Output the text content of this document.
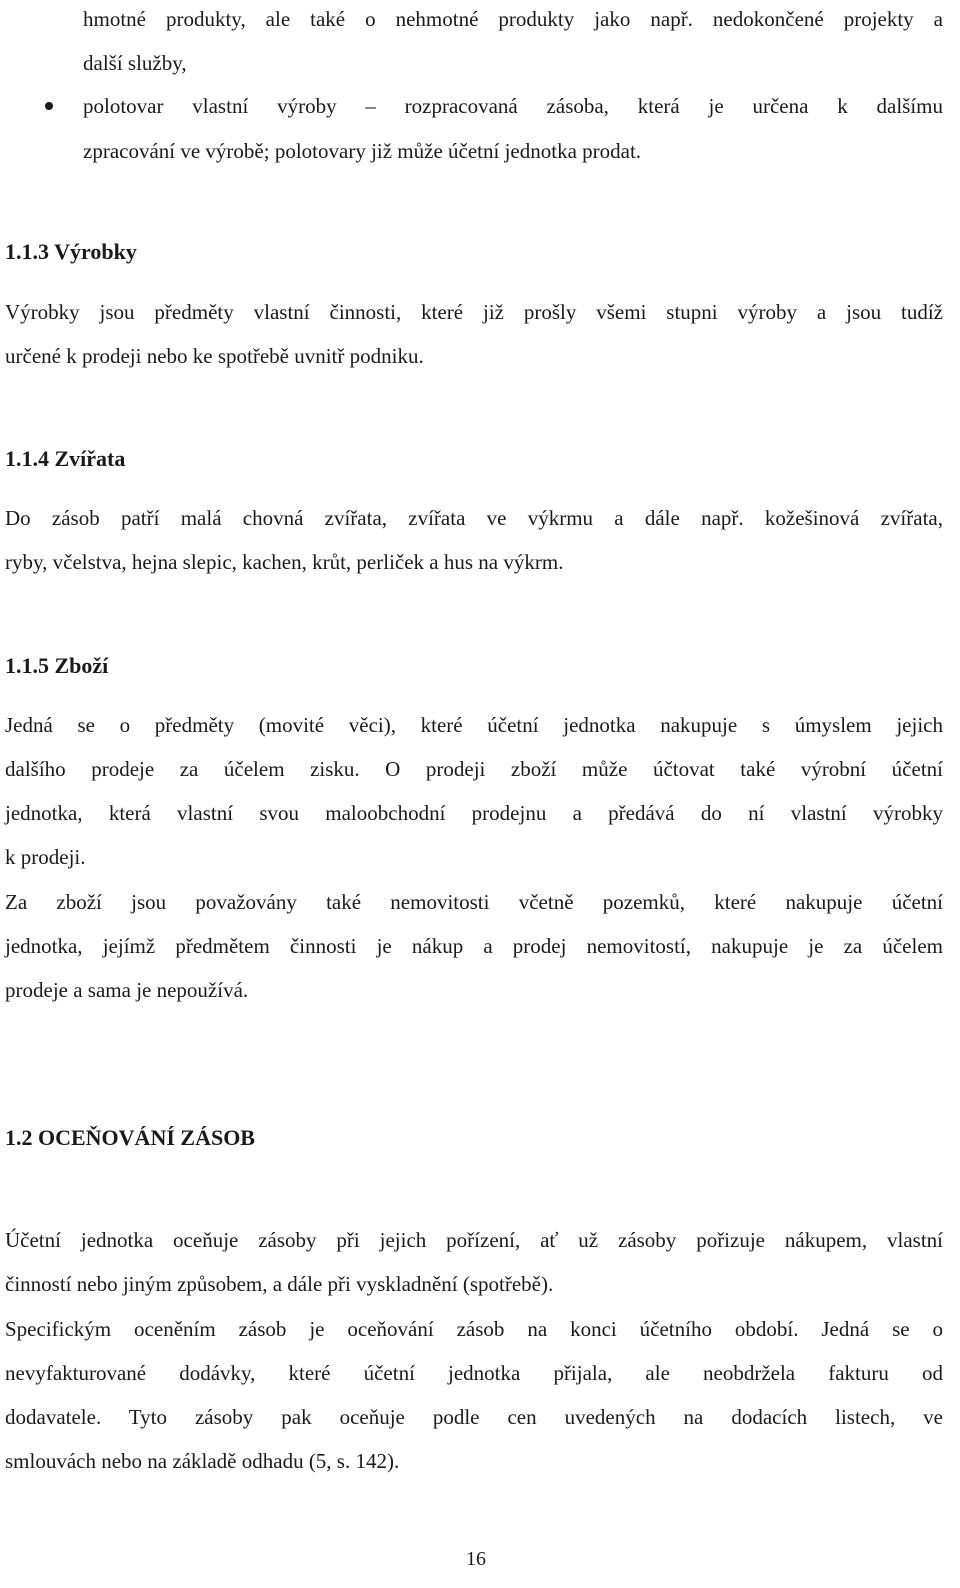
hmotné produkty, ale také o nehmotné produkty jako např. nedokončené projekty a
další služby,
polotovar vlastní výroby – rozpracovaná zásoba, která je určena k dalšímu
zpracování ve výrobě; polotovary již může účetní jednotka prodat.
1.1.3 Výrobky
Výrobky jsou předměty vlastní činnosti, které již prošly všemi stupni výroby a jsou tudíž
určené k prodeji nebo ke spotřebě uvnitř podniku.
1.1.4 Zvířata
Do zásob patří malá chovná zvířata, zvířata ve výkrmu a dále např. kožešinová zvířata,
ryby, včelstva, hejna slepic, kachen, krůt, perliček a hus na výkrm.
1.1.5 Zboží
Jedná se o předměty (movité věci), které účetní jednotka nakupuje s úmyslem jejich
dalšího prodeje za účelem zisku. O prodeji zboží může účtovat také výrobní účetní
jednotka, která vlastní svou maloobchodní prodejnu a předává do ní vlastní výrobky
k prodeji.
Za zboží jsou považovány také nemovitosti včetně pozemků, které nakupuje účetní
jednotka, jejímž předmětem činnosti je nákup a prodej nemovitostí, nakupuje je za účelem
prodeje a sama je nepoužívá.
1.2 OCEŇOVÁNÍ ZÁSOB
Účetní jednotka oceňuje zásoby při jejich pořízení, ať už zásoby pořizuje nákupem, vlastní
činností nebo jiným způsobem, a dále při vyskladnění (spotřebě).
Specifickým oceněním zásob je oceňování zásob na konci účetního období. Jedná se o
nevyfakturované dodávky, které účetní jednotka přijala, ale neobdržela fakturu od
dodavatele. Tyto zásoby pak oceňuje podle cen uvedených na dodacích listech, ve
smlouvách nebo na základě odhadu (5, s. 142).
16
